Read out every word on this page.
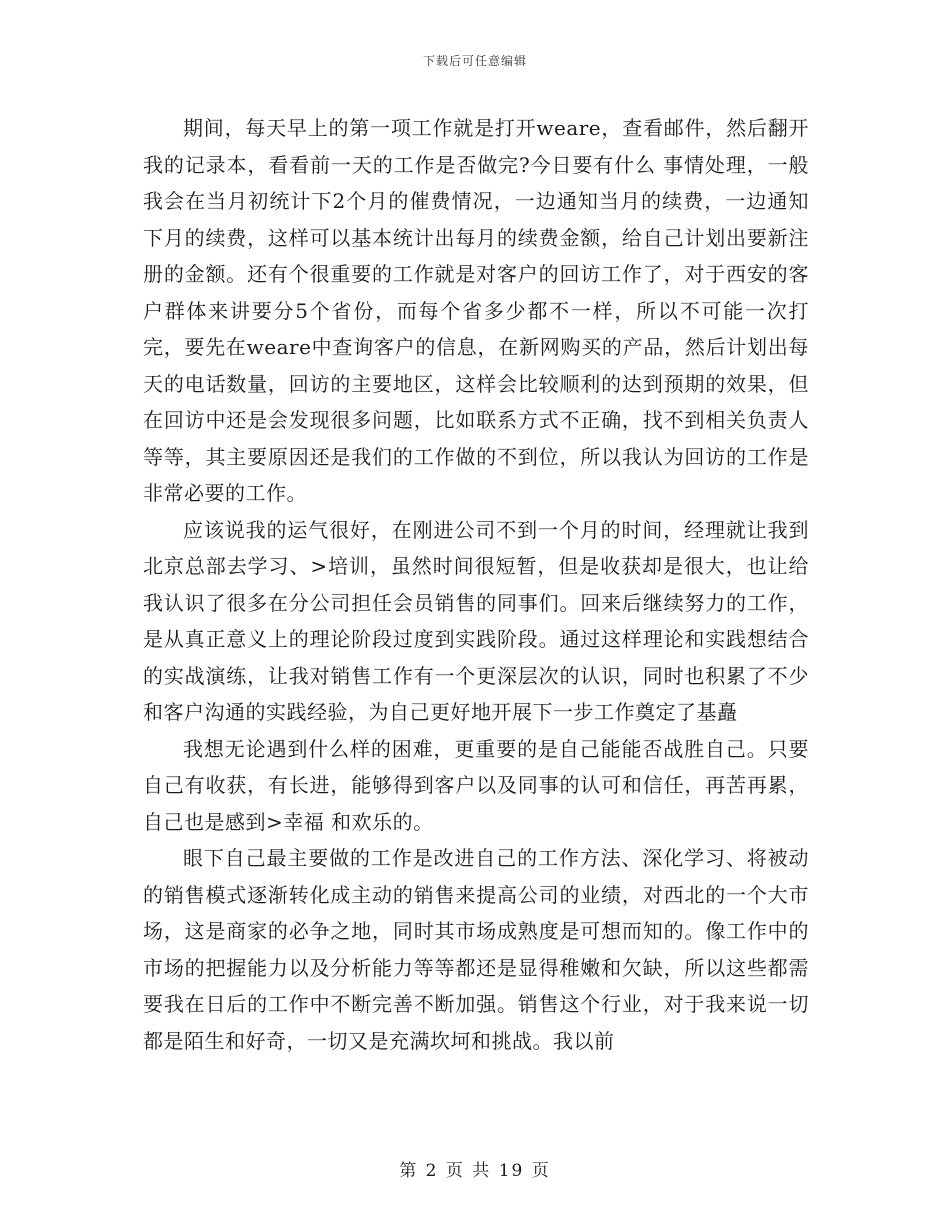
下载后可任意编辑

期间，每天早上的第一项工作就是打开weare，查看邮件，然后翻开我的记录本，看看前一天的工作是否做完?今日要有什么 事情处理，一般我会在当月初统计下2个月的催费情况，一边通知当月的续费，一边通知下月的续费，这样可以基本统计出每月的续费金额，给自己计划出要新注册的金额。还有个很重要的工作就是对客户的回访工作了，对于西安的客户群体来讲要分5个省份，而每个省多少都不一样，所以不可能一次打完，要先在weare中查询客户的信息，在新网购买的产品，然后计划出每天的电话数量，回访的主要地区，这样会比较顺利的达到预期的效果，但在回访中还是会发现很多问题，比如联系方式不正确，找不到相关负责人等等，其主要原因还是我们的工作做的不到位，所以我认为回访的工作是非常必要的工作。

应该说我的运气很好，在刚进公司不到一个月的时间，经理就让我到北京总部去学习、>培训，虽然时间很短暂，但是收获却是很大，也让给我认识了很多在分公司担任会员销售的同事们。回来后继续努力的工作，是从真正意义上的理论阶段过度到实践阶段。通过这样理论和实践想结合的实战演练，让我对销售工作有一个更深层次的认识，同时也积累了不少和客户沟通的实践经验，为自己更好地开展下一步工作奠定了基矗

我想无论遇到什么样的困难，更重要的是自己能能否战胜自己。只要自己有收获，有长进，能够得到客户以及同事的认可和信任，再苦再累，自己也是感到>幸福 和欢乐的。

眼下自己最主要做的工作是改进自己的工作方法、深化学习、将被动的销售模式逐渐转化成主动的销售来提高公司的业绩，对西北的一个大市场，这是商家的必争之地，同时其市场成熟度是可想而知的。像工作中的市场的把握能力以及分析能力等等都还是显得稚嫩和欠缺，所以这些都需要我在日后的工作中不断完善不断加强。销售这个行业，对于我来说一切都是陌生和好奇，一切又是充满坎坷和挑战。我以前

第 2 页 共 19 页
